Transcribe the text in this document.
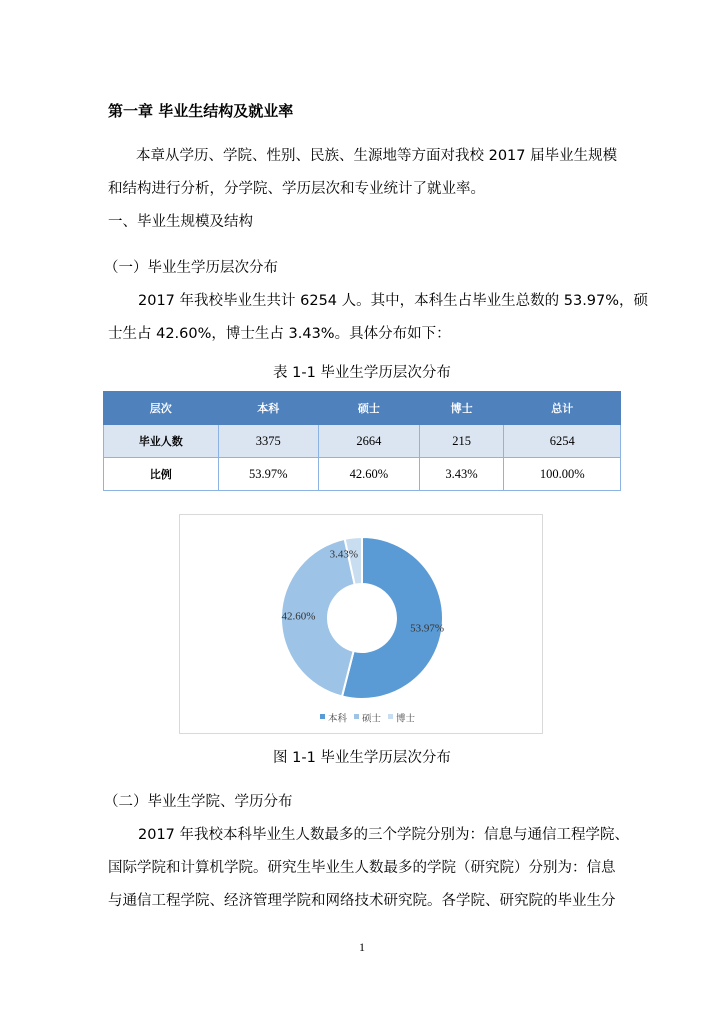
第一章 毕业生结构及就业率
本章从学历、学院、性别、民族、生源地等方面对我校 2017 届毕业生规模
和结构进行分析，分学院、学历层次和专业统计了就业率。
一、毕业生规模及结构
（一）毕业生学历层次分布
2017 年我校毕业生共计 6254 人。其中，本科生占毕业生总数的 53.97%，硕
士生占 42.60%，博士生占 3.43%。具体分布如下：
表 1-1 毕业生学历层次分布
层次	本科	硕士	博士	总计
毕业人数	3375	2664	215	6254
比例	53.97%	42.60%	3.43%	100.00%
53.97%
42.60%
3.43%
本科 硕士 博士
图 1-1 毕业生学历层次分布
（二）毕业生学院、学历分布
2017 年我校本科毕业生人数最多的三个学院分别为：信息与通信工程学院、
国际学院和计算机学院。研究生毕业生人数最多的学院（研究院）分别为：信息
与通信工程学院、经济管理学院和网络技术研究院。各学院、研究院的毕业生分
1
